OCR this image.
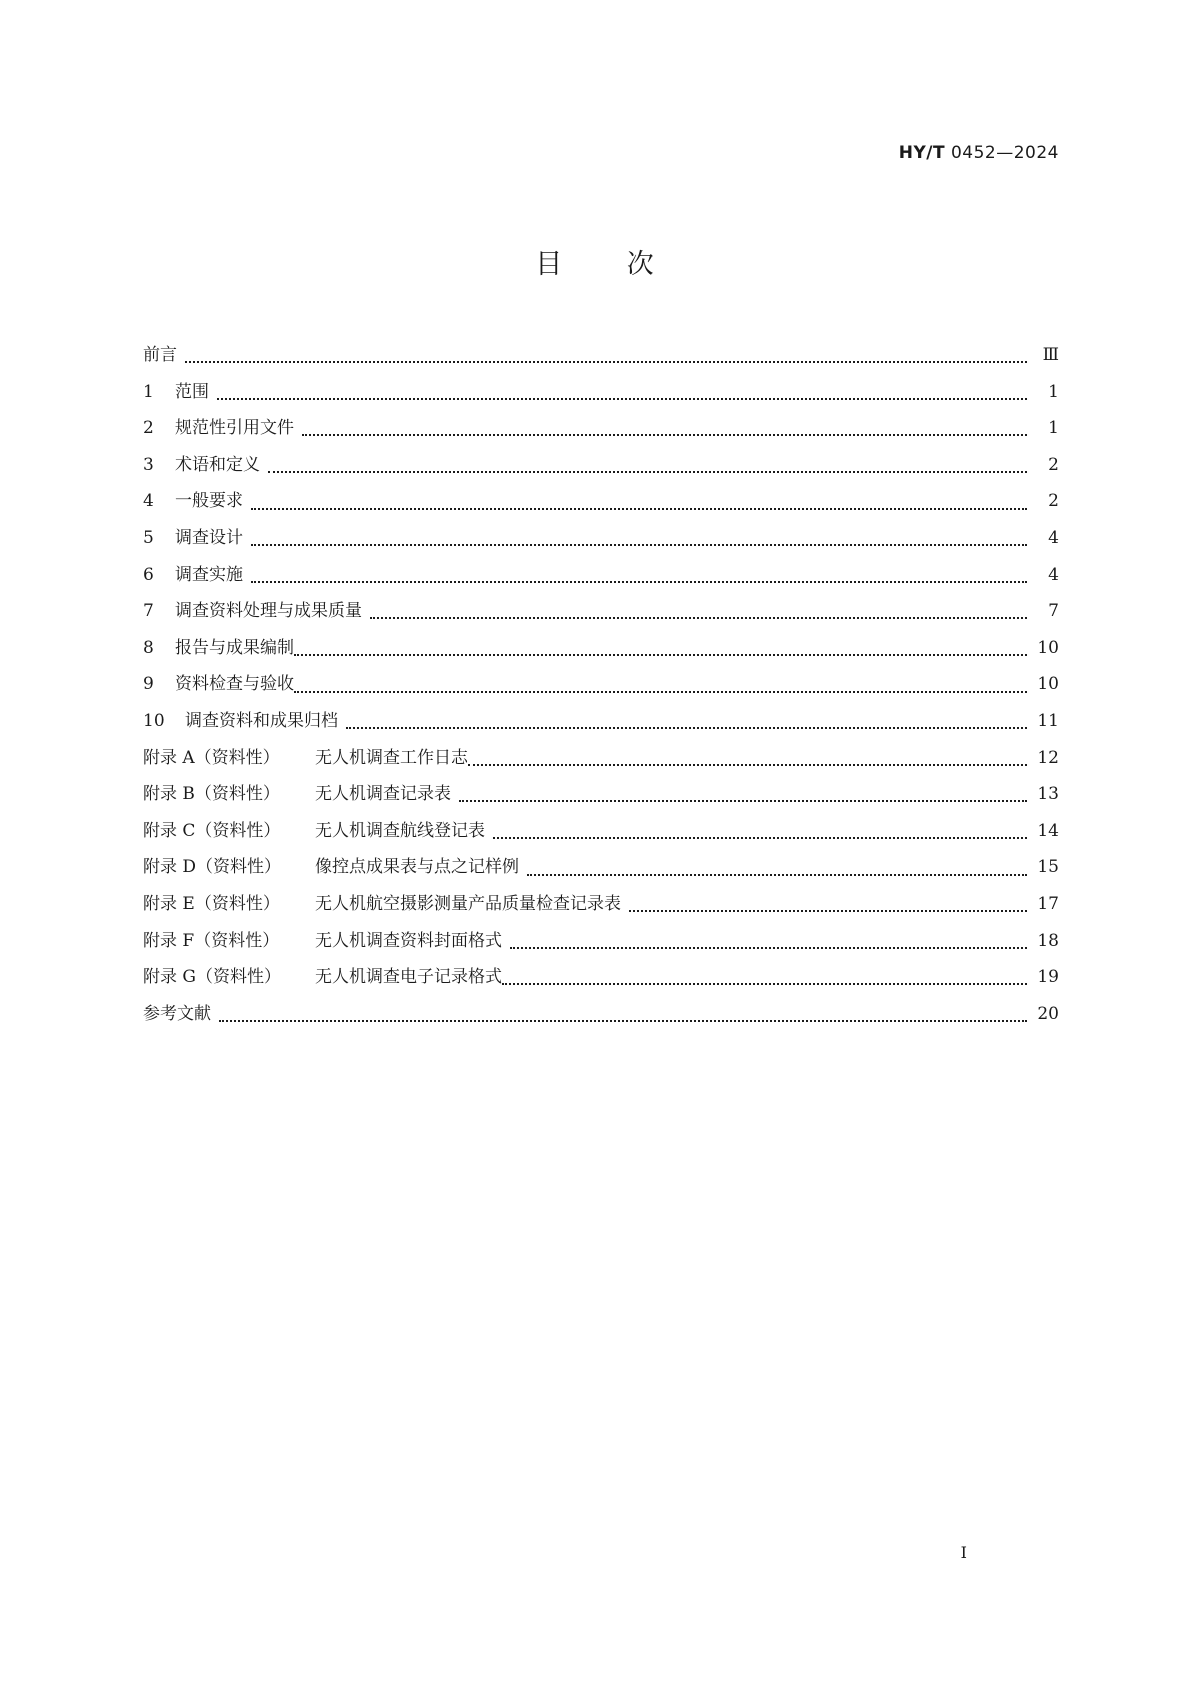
HY/T 0452—2024
目 次
前言	Ⅲ
1	范围	1
2	规范性引用文件	1
3	术语和定义	2
4	一般要求	2
5	调查设计	4
6	调查实施	4
7	调查资料处理与成果质量	7
8	报告与成果编制	10
9	资料检查与验收	10
10	调查资料和成果归档	11
附录 A（资料性）	无人机调查工作日志	12
附录 B（资料性）	无人机调查记录表	13
附录 C（资料性）	无人机调查航线登记表	14
附录 D（资料性）	像控点成果表与点之记样例	15
附录 E（资料性）	无人机航空摄影测量产品质量检查记录表	17
附录 F（资料性）	无人机调查资料封面格式	18
附录 G（资料性）	无人机调查电子记录格式	19
参考文献	20
I
